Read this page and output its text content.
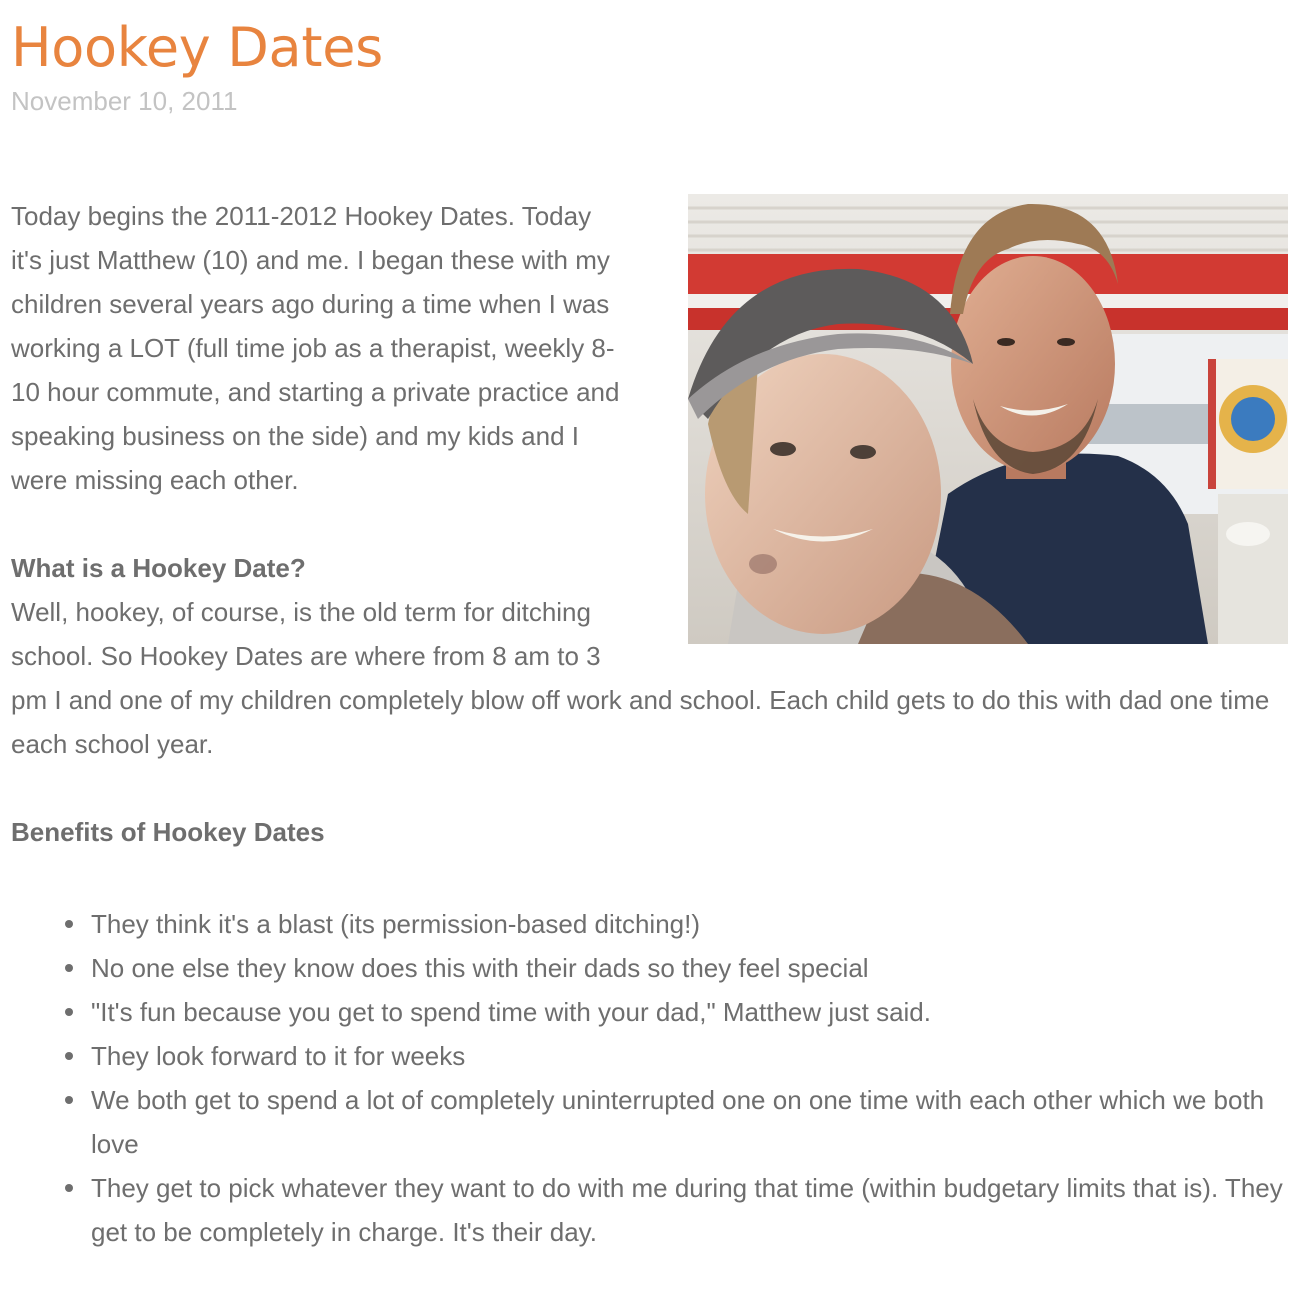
Hookey Dates
November 10, 2011

Today begins the 2011-2012 Hookey Dates. Today it's just Matthew (10) and me. I began these with my children several years ago during a time when I was working a LOT (full time job as a therapist, weekly 8-10 hour commute, and starting a private practice and speaking business on the side) and my kids and I were missing each other.

What is a Hookey Date?

Well, hookey, of course, is the old term for ditching school. So Hookey Dates are where from 8 am to 3 pm I and one of my children completely blow off work and school. Each child gets to do this with dad one time each school year.

Benefits of Hookey Dates

They think it's a blast (its permission-based ditching!)
No one else they know does this with their dads so they feel special
"It's fun because you get to spend time with your dad," Matthew just said.
They look forward to it for weeks
We both get to spend a lot of completely uninterrupted one on one time with each other which we both love
They get to pick whatever they want to do with me during that time (within budgetary limits that is). They get to be completely in charge. It's their day.
